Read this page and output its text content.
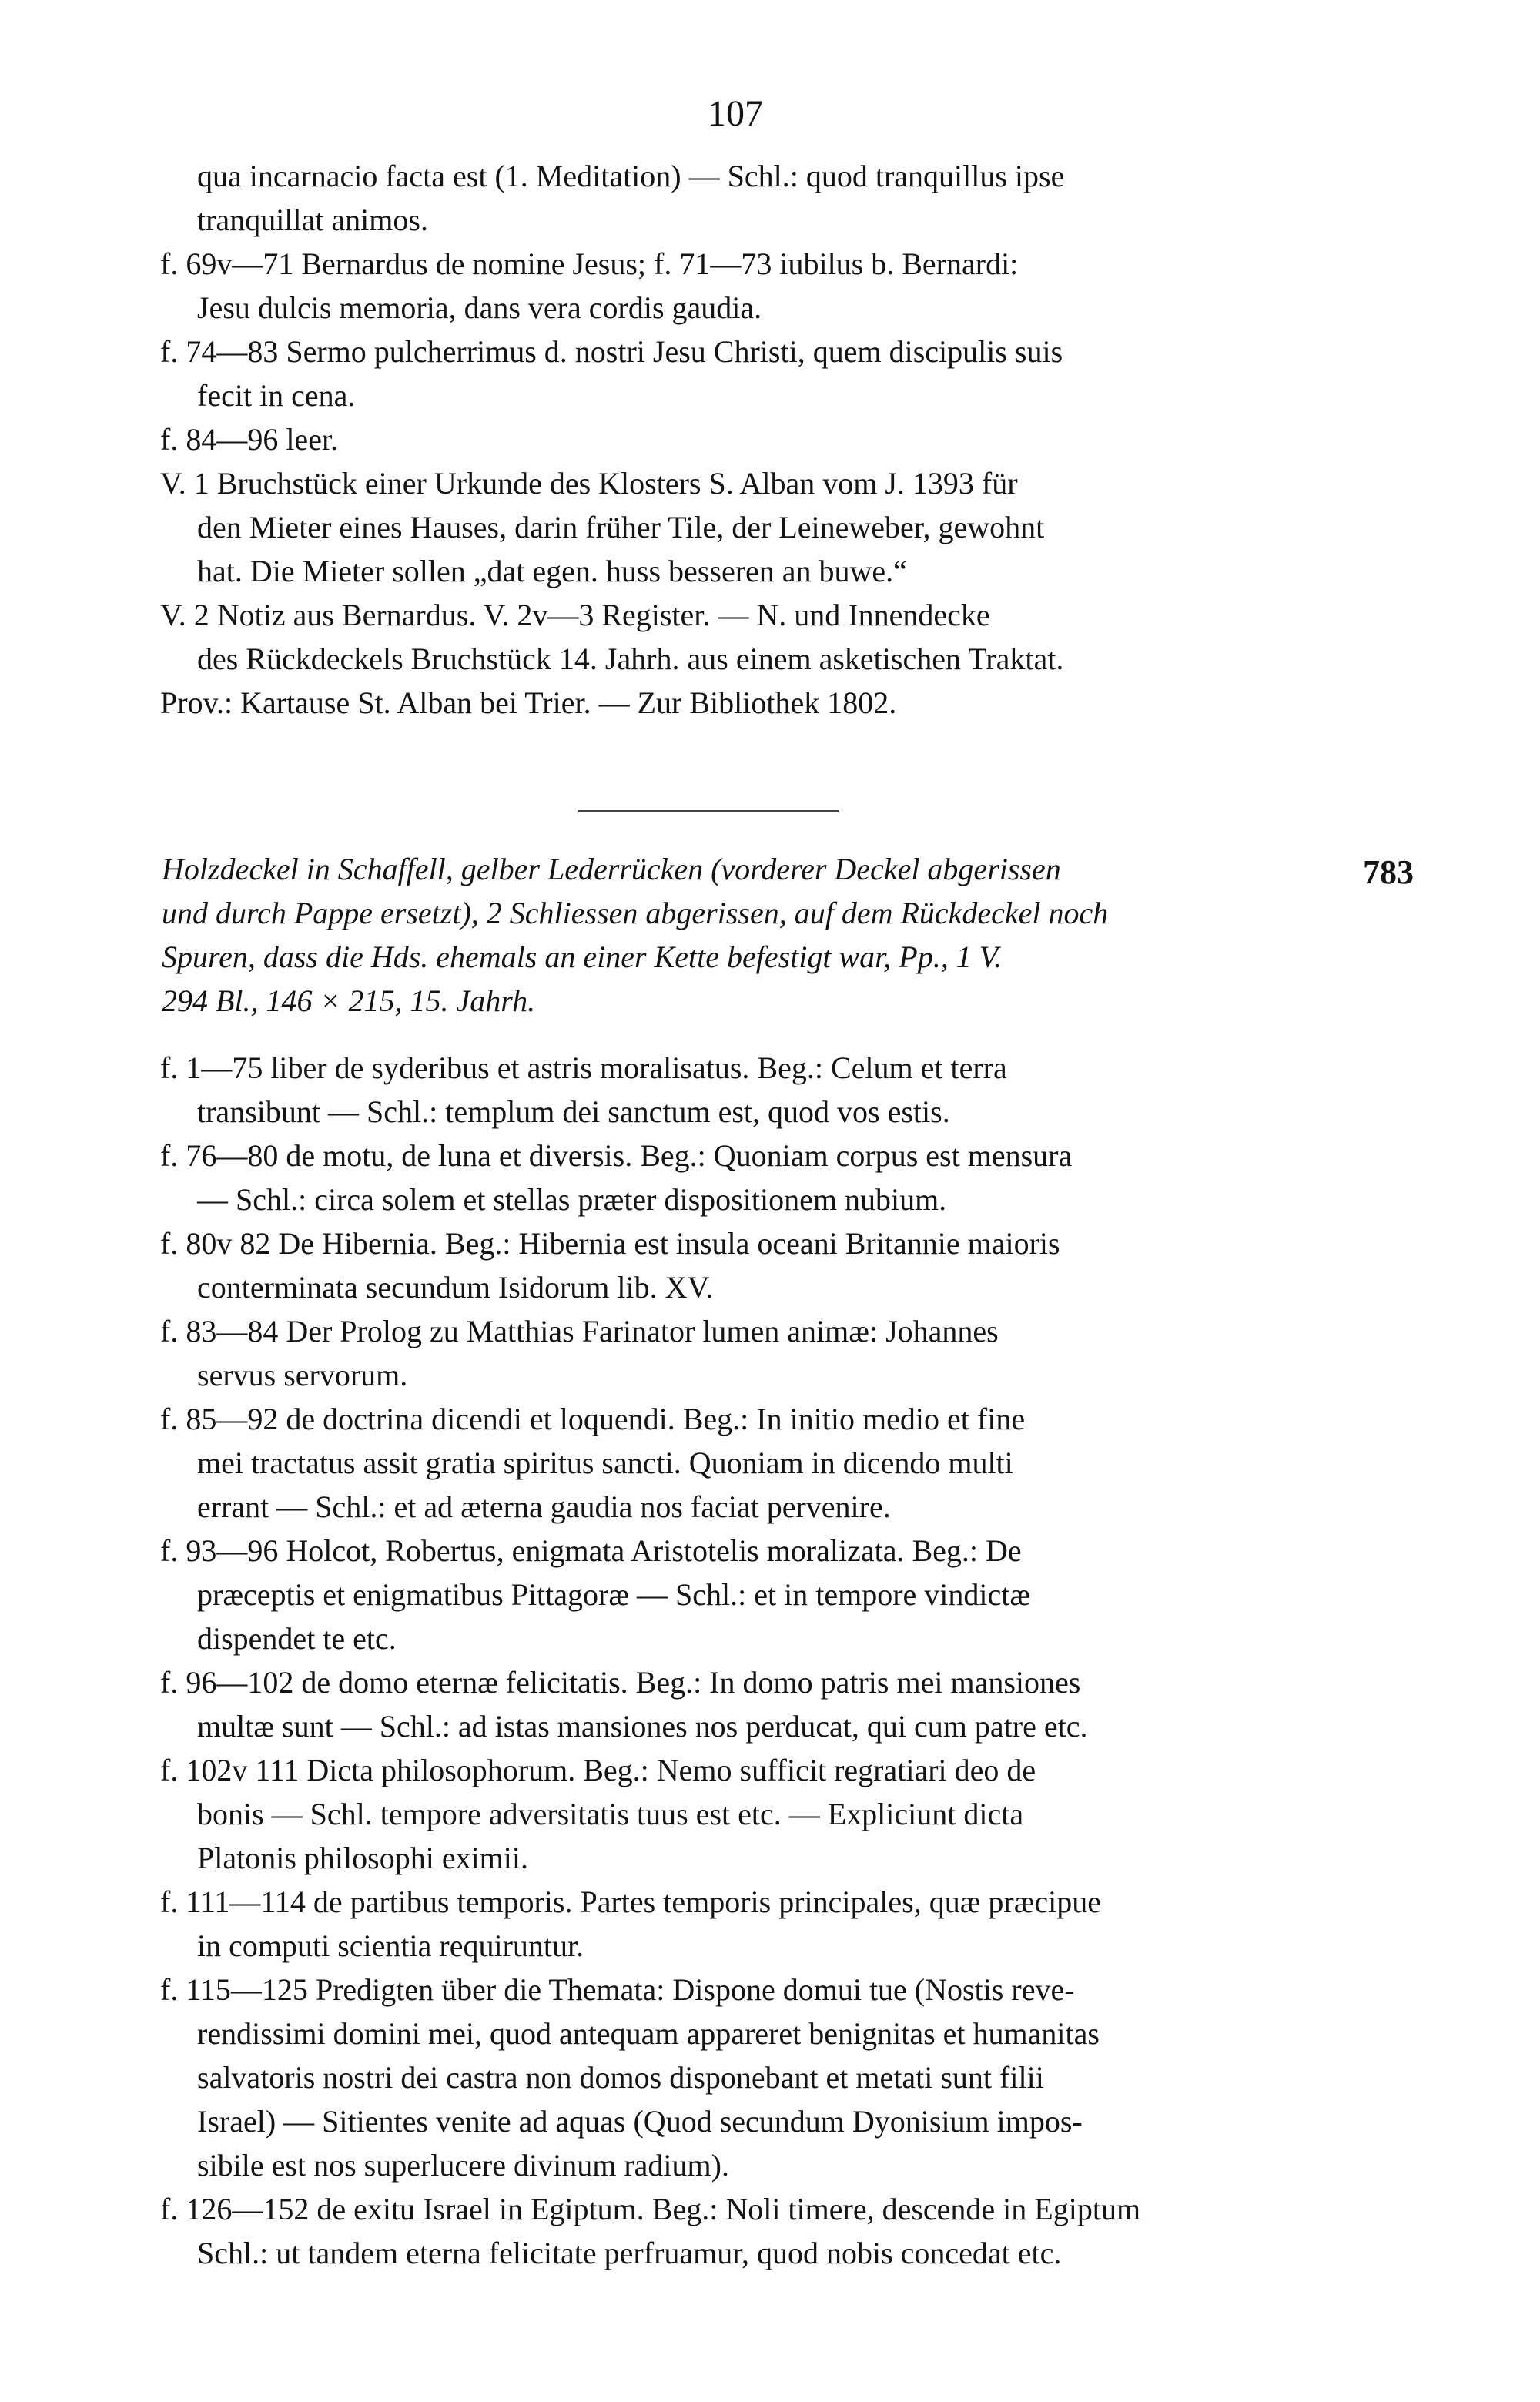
107
qua incarnacio facta est (1. Meditation) — Schl.: quod tranquillus ipse
tranquillat animos.
f. 69v—71 Bernardus de nomine Jesus; f. 71—73 iubilus b. Bernardi:
Jesu dulcis memoria, dans vera cordis gaudia.
f. 74—83 Sermo pulcherrimus d. nostri Jesu Christi, quem discipulis suis
fecit in cena.
f. 84—96 leer.
V. 1 Bruchstück einer Urkunde des Klosters S. Alban vom J. 1393 für
den Mieter eines Hauses, darin früher Tile, der Leineweber, gewohnt
hat. Die Mieter sollen „dat egen. huss besseren an buwe.“
V. 2 Notiz aus Bernardus. V. 2v—3 Register. — N. und Innendecke
des Rückdeckels Bruchstück 14. Jahrh. aus einem asketischen Traktat.
Prov.: Kartause St. Alban bei Trier. — Zur Bibliothek 1802.
783
Holzdeckel in Schaffell, gelber Lederrücken (vorderer Deckel abgerissen
und durch Pappe ersetzt), 2 Schliessen abgerissen, auf dem Rückdeckel noch
Spuren, dass die Hds. ehemals an einer Kette befestigt war, Pp., 1 V.
294 Bl., 146 × 215, 15. Jahrh.
f. 1—75 liber de syderibus et astris moralisatus. Beg.: Celum et terra
transibunt — Schl.: templum dei sanctum est, quod vos estis.
f. 76—80 de motu, de luna et diversis. Beg.: Quoniam corpus est mensura
— Schl.: circa solem et stellas præter dispositionem nubium.
f. 80v 82 De Hibernia. Beg.: Hibernia est insula oceani Britannie maioris
conterminata secundum Isidorum lib. XV.
f. 83—84 Der Prolog zu Matthias Farinator lumen animæ: Johannes
servus servorum.
f. 85—92 de doctrina dicendi et loquendi. Beg.: In initio medio et fine
mei tractatus assit gratia spiritus sancti. Quoniam in dicendo multi
errant — Schl.: et ad æterna gaudia nos faciat pervenire.
f. 93—96 Holcot, Robertus, enigmata Aristotelis moralizata. Beg.: De
præceptis et enigmatibus Pittagoræ — Schl.: et in tempore vindictæ
dispendet te etc.
f. 96—102 de domo eternæ felicitatis. Beg.: In domo patris mei mansiones
multæ sunt — Schl.: ad istas mansiones nos perducat, qui cum patre etc.
f. 102v 111 Dicta philosophorum. Beg.: Nemo sufficit regratiari deo de
bonis — Schl. tempore adversitatis tuus est etc. — Expliciunt dicta
Platonis philosophi eximii.
f. 111—114 de partibus temporis. Partes temporis principales, quæ præcipue
in computi scientia requiruntur.
f. 115—125 Predigten über die Themata: Dispone domui tue (Nostis reve-
rendissimi domini mei, quod antequam appareret benignitas et humanitas
salvatoris nostri dei castra non domos disponebant et metati sunt filii
Israel) — Sitientes venite ad aquas (Quod secundum Dyonisium impos-
sibile est nos superlucere divinum radium).
f. 126—152 de exitu Israel in Egiptum. Beg.: Noli timere, descende in Egiptum
Schl.: ut tandem eterna felicitate perfruamur, quod nobis concedat etc.
